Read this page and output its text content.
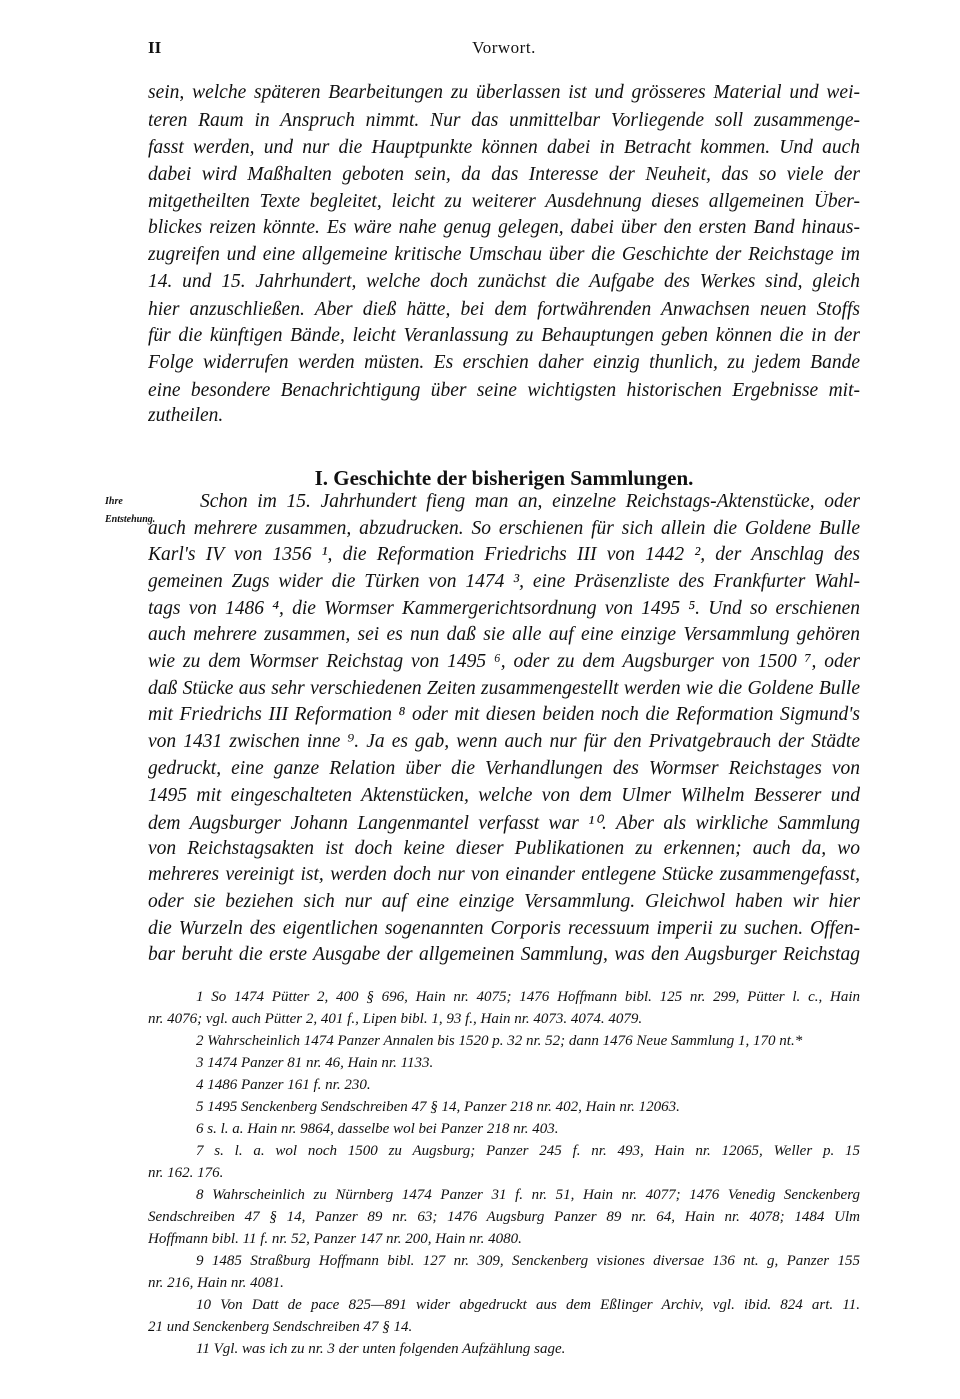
II	Vorwort.

sein, welche späteren Bearbeitungen zu überlassen ist und grösseres Material und wei-

teren Raum in Anspruch nimmt. Nur das unmittelbar Vorliegende soll zusammenge-

fasst werden, und nur die Hauptpunkte können dabei in Betracht kommen. Und auch

dabei wird Maßhalten geboten sein, da das Interesse der Neuheit, das so viele der

mitgetheilten Texte begleitet, leicht zu weiterer Ausdehnung dieses allgemeinen Über-

blickes reizen könnte. Es wäre nahe genug gelegen, dabei über den ersten Band hinaus-

zugreifen und eine allgemeine kritische Umschau über die Geschichte der Reichstage im

14. und 15. Jahrhundert, welche doch zunächst die Aufgabe des Werkes sind, gleich

hier anzuschließen. Aber dieß hätte, bei dem fortwährenden Anwachsen neuen Stoffs

für die künftigen Bände, leicht Veranlassung zu Behauptungen geben können die in der

Folge widerrufen werden müsten. Es erschien daher einzig thunlich, zu jedem Bande

eine besondere Benachrichtigung über seine wichtigsten historischen Ergebnisse mit-

zutheilen.

I. Geschichte der bisherigen Sammlungen.
Ihre Entstehung.

Schon im 15. Jahrhundert fieng man an, einzelne Reichstags-Aktenstücke, oder

auch mehrere zusammen, abzudrucken. So erschienen für sich allein die Goldene Bulle

Karl's IV von 1356 ¹, die Reformation Friedrichs III von 1442 ², der Anschlag des

gemeinen Zugs wider die Türken von 1474 ³, eine Präsenzliste des Frankfurter Wahl-

tags von 1486 ⁴, die Wormser Kammergerichtsordnung von 1495 ⁵. Und so erschienen

auch mehrere zusammen, sei es nun daß sie alle auf eine einzige Versammlung gehören

wie zu dem Wormser Reichstag von 1495 ⁶, oder zu dem Augsburger von 1500 ⁷, oder

daß Stücke aus sehr verschiedenen Zeiten zusammengestellt werden wie die Goldene Bulle

mit Friedrichs III Reformation ⁸ oder mit diesen beiden noch die Reformation Sigmund's

von 1431 zwischen inne ⁹. Ja es gab, wenn auch nur für den Privatgebrauch der Städte

gedruckt, eine ganze Relation über die Verhandlungen des Wormser Reichstages von

1495 mit eingeschalteten Aktenstücken, welche von dem Ulmer Wilhelm Besserer und

dem Augsburger Johann Langenmantel verfasst war ¹⁰. Aber als wirkliche Sammlung

von Reichstagsakten ist doch keine dieser Publikationen zu erkennen; auch da, wo

mehreres vereinigt ist, werden doch nur von einander entlegene Stücke zusammengefasst,

oder sie beziehen sich nur auf eine einzige Versammlung. Gleichwol haben wir hier

die Wurzeln des eigentlichen sogenannten Corporis recessuum imperii zu suchen. Offen-

bar beruht die erste Ausgabe der allgemeinen Sammlung, was den Augsburger Reichstag

1 So 1474 Pütter 2, 400 § 696, Hain nr. 4075; 1476 Hoffmann bibl. 125 nr. 299, Pütter l. c., Hain

nr. 4076; vgl. auch Pütter 2, 401 f., Lipen bibl. 1, 93 f., Hain nr. 4073. 4074. 4079.

2 Wahrscheinlich 1474 Panzer Annalen bis 1520 p. 32 nr. 52; dann 1476 Neue Sammlung 1, 170 nt.*

3 1474 Panzer 81 nr. 46, Hain nr. 1133.

4 1486 Panzer 161 f. nr. 230.

5 1495 Senckenberg Sendschreiben 47 § 14, Panzer 218 nr. 402, Hain nr. 12063.

6 s. l. a. Hain nr. 9864, dasselbe wol bei Panzer 218 nr. 403.

7 s. l. a. wol noch 1500 zu Augsburg; Panzer 245 f. nr. 493, Hain nr. 12065, Weller p. 15

nr. 162. 176.

8 Wahrscheinlich zu Nürnberg 1474 Panzer 31 f. nr. 51, Hain nr. 4077; 1476 Venedig Senckenberg

Sendschreiben 47 § 14, Panzer 89 nr. 63; 1476 Augsburg Panzer 89 nr. 64, Hain nr. 4078; 1484 Ulm

Hoffmann bibl. 11 f. nr. 52, Panzer 147 nr. 200, Hain nr. 4080.

9 1485 Straßburg Hoffmann bibl. 127 nr. 309, Senckenberg visiones diversae 136 nt. g, Panzer 155

nr. 216, Hain nr. 4081.

10 Von Datt de pace 825—891 wider abgedruckt aus dem Eßlinger Archiv, vgl. ibid. 824 art. 11.

21 und Senckenberg Sendschreiben 47 § 14.

11 Vgl. was ich zu nr. 3 der unten folgenden Aufzählung sage.
